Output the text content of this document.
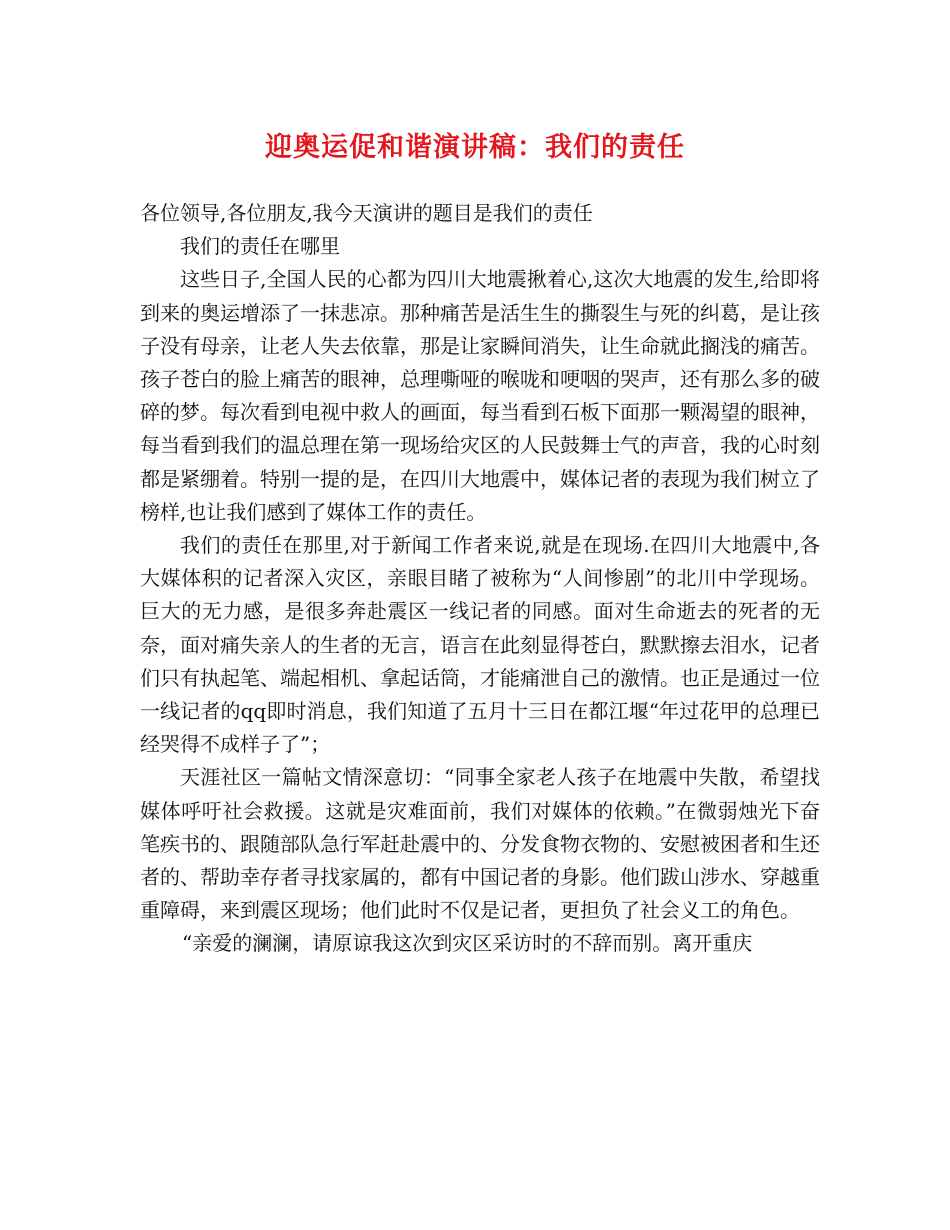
迎奥运促和谐演讲稿：我们的责任

各位领导,各位朋友,我今天演讲的题目是我们的责任

我们的责任在哪里

这些日子,全国人民的心都为四川大地震揪着心,这次大地震的发生,给即将到来的奥运增添了一抹悲凉。那种痛苦是活生生的撕裂生与死的纠葛，是让孩子没有母亲，让老人失去依靠，那是让家瞬间消失，让生命就此搁浅的痛苦。孩子苍白的脸上痛苦的眼神，总理嘶哑的喉咙和哽咽的哭声，还有那么多的破碎的梦。每次看到电视中救人的画面，每当看到石板下面那一颗渴望的眼神，每当看到我们的温总理在第一现场给灾区的人民鼓舞士气的声音，我的心时刻都是紧绷着。特别一提的是，在四川大地震中，媒体记者的表现为我们树立了榜样,也让我们感到了媒体工作的责任。

我们的责任在那里,对于新闻工作者来说,就是在现场.在四川大地震中,各大媒体积的记者深入灾区，亲眼目睹了被称为“人间惨剧”的北川中学现场。巨大的无力感，是很多奔赴震区一线记者的同感。面对生命逝去的死者的无奈，面对痛失亲人的生者的无言，语言在此刻显得苍白，默默擦去泪水，记者们只有执起笔、端起相机、拿起话筒，才能痛泄自己的激情。也正是通过一位一线记者的qq即时消息，我们知道了五月十三日在都江堰“年过花甲的总理已经哭得不成样子了”；

天涯社区一篇帖文情深意切：“同事全家老人孩子在地震中失散，希望找媒体呼吁社会救援。这就是灾难面前，我们对媒体的依赖。”在微弱烛光下奋笔疾书的、跟随部队急行军赶赴震中的、分发食物衣物的、安慰被困者和生还者的、帮助幸存者寻找家属的，都有中国记者的身影。他们跋山涉水、穿越重重障碍，来到震区现场；他们此时不仅是记者，更担负了社会义工的角色。

“亲爱的澜澜，请原谅我这次到灾区采访时的不辞而别。离开重庆
